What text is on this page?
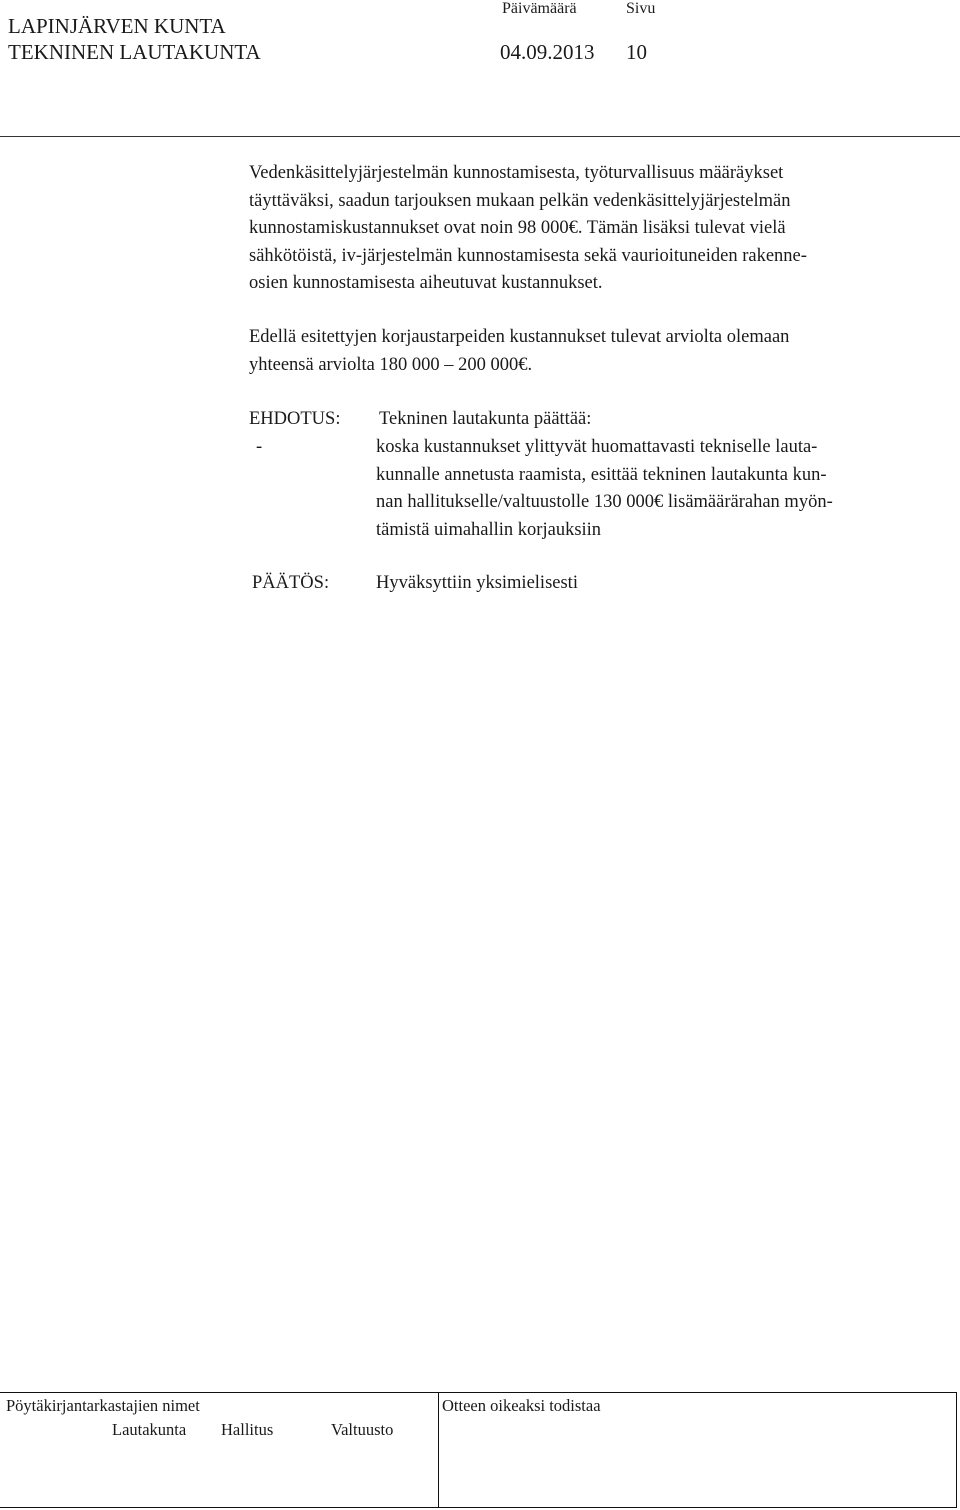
LAPINJÄRVEN KUNTA
TEKNINEN LAUTAKUNTA
Päivämäärä	Sivu
04.09.2013 10
Vedenkäsittelyjärjestelmän kunnostamisesta, työturvallisuus määräykset
täyttäväksi, saadun tarjouksen mukaan pelkän vedenkäsittelyjärjestelmän
kunnostamiskustannukset ovat noin 98 000€. Tämän lisäksi tulevat vielä
sähkötöistä, iv-järjestelmän kunnostamisesta sekä vaurioituneiden rakenne-
osien kunnostamisesta aiheutuvat kustannukset.
Edellä esitettyjen korjaustarpeiden kustannukset tulevat arviolta olemaan
yhteensä arviolta 180 000 – 200 000€.
EHDOTUS: Tekninen lautakunta päättää:
-	koska kustannukset ylittyvät huomattavasti tekniselle lauta-
kunnalle annetusta raamista, esittää tekninen lautakunta kun-
nan hallitukselle/valtuustolle 130 000€ lisämäärärahan myön-
tämistä uimahallin korjauksiin
PÄÄTÖS:	Hyväksyttiin yksimielisesti
Pöytäkirjantarkastajien nimet	Otteen oikeaksi todistaa
Lautakunta Hallitus	Valtuusto
